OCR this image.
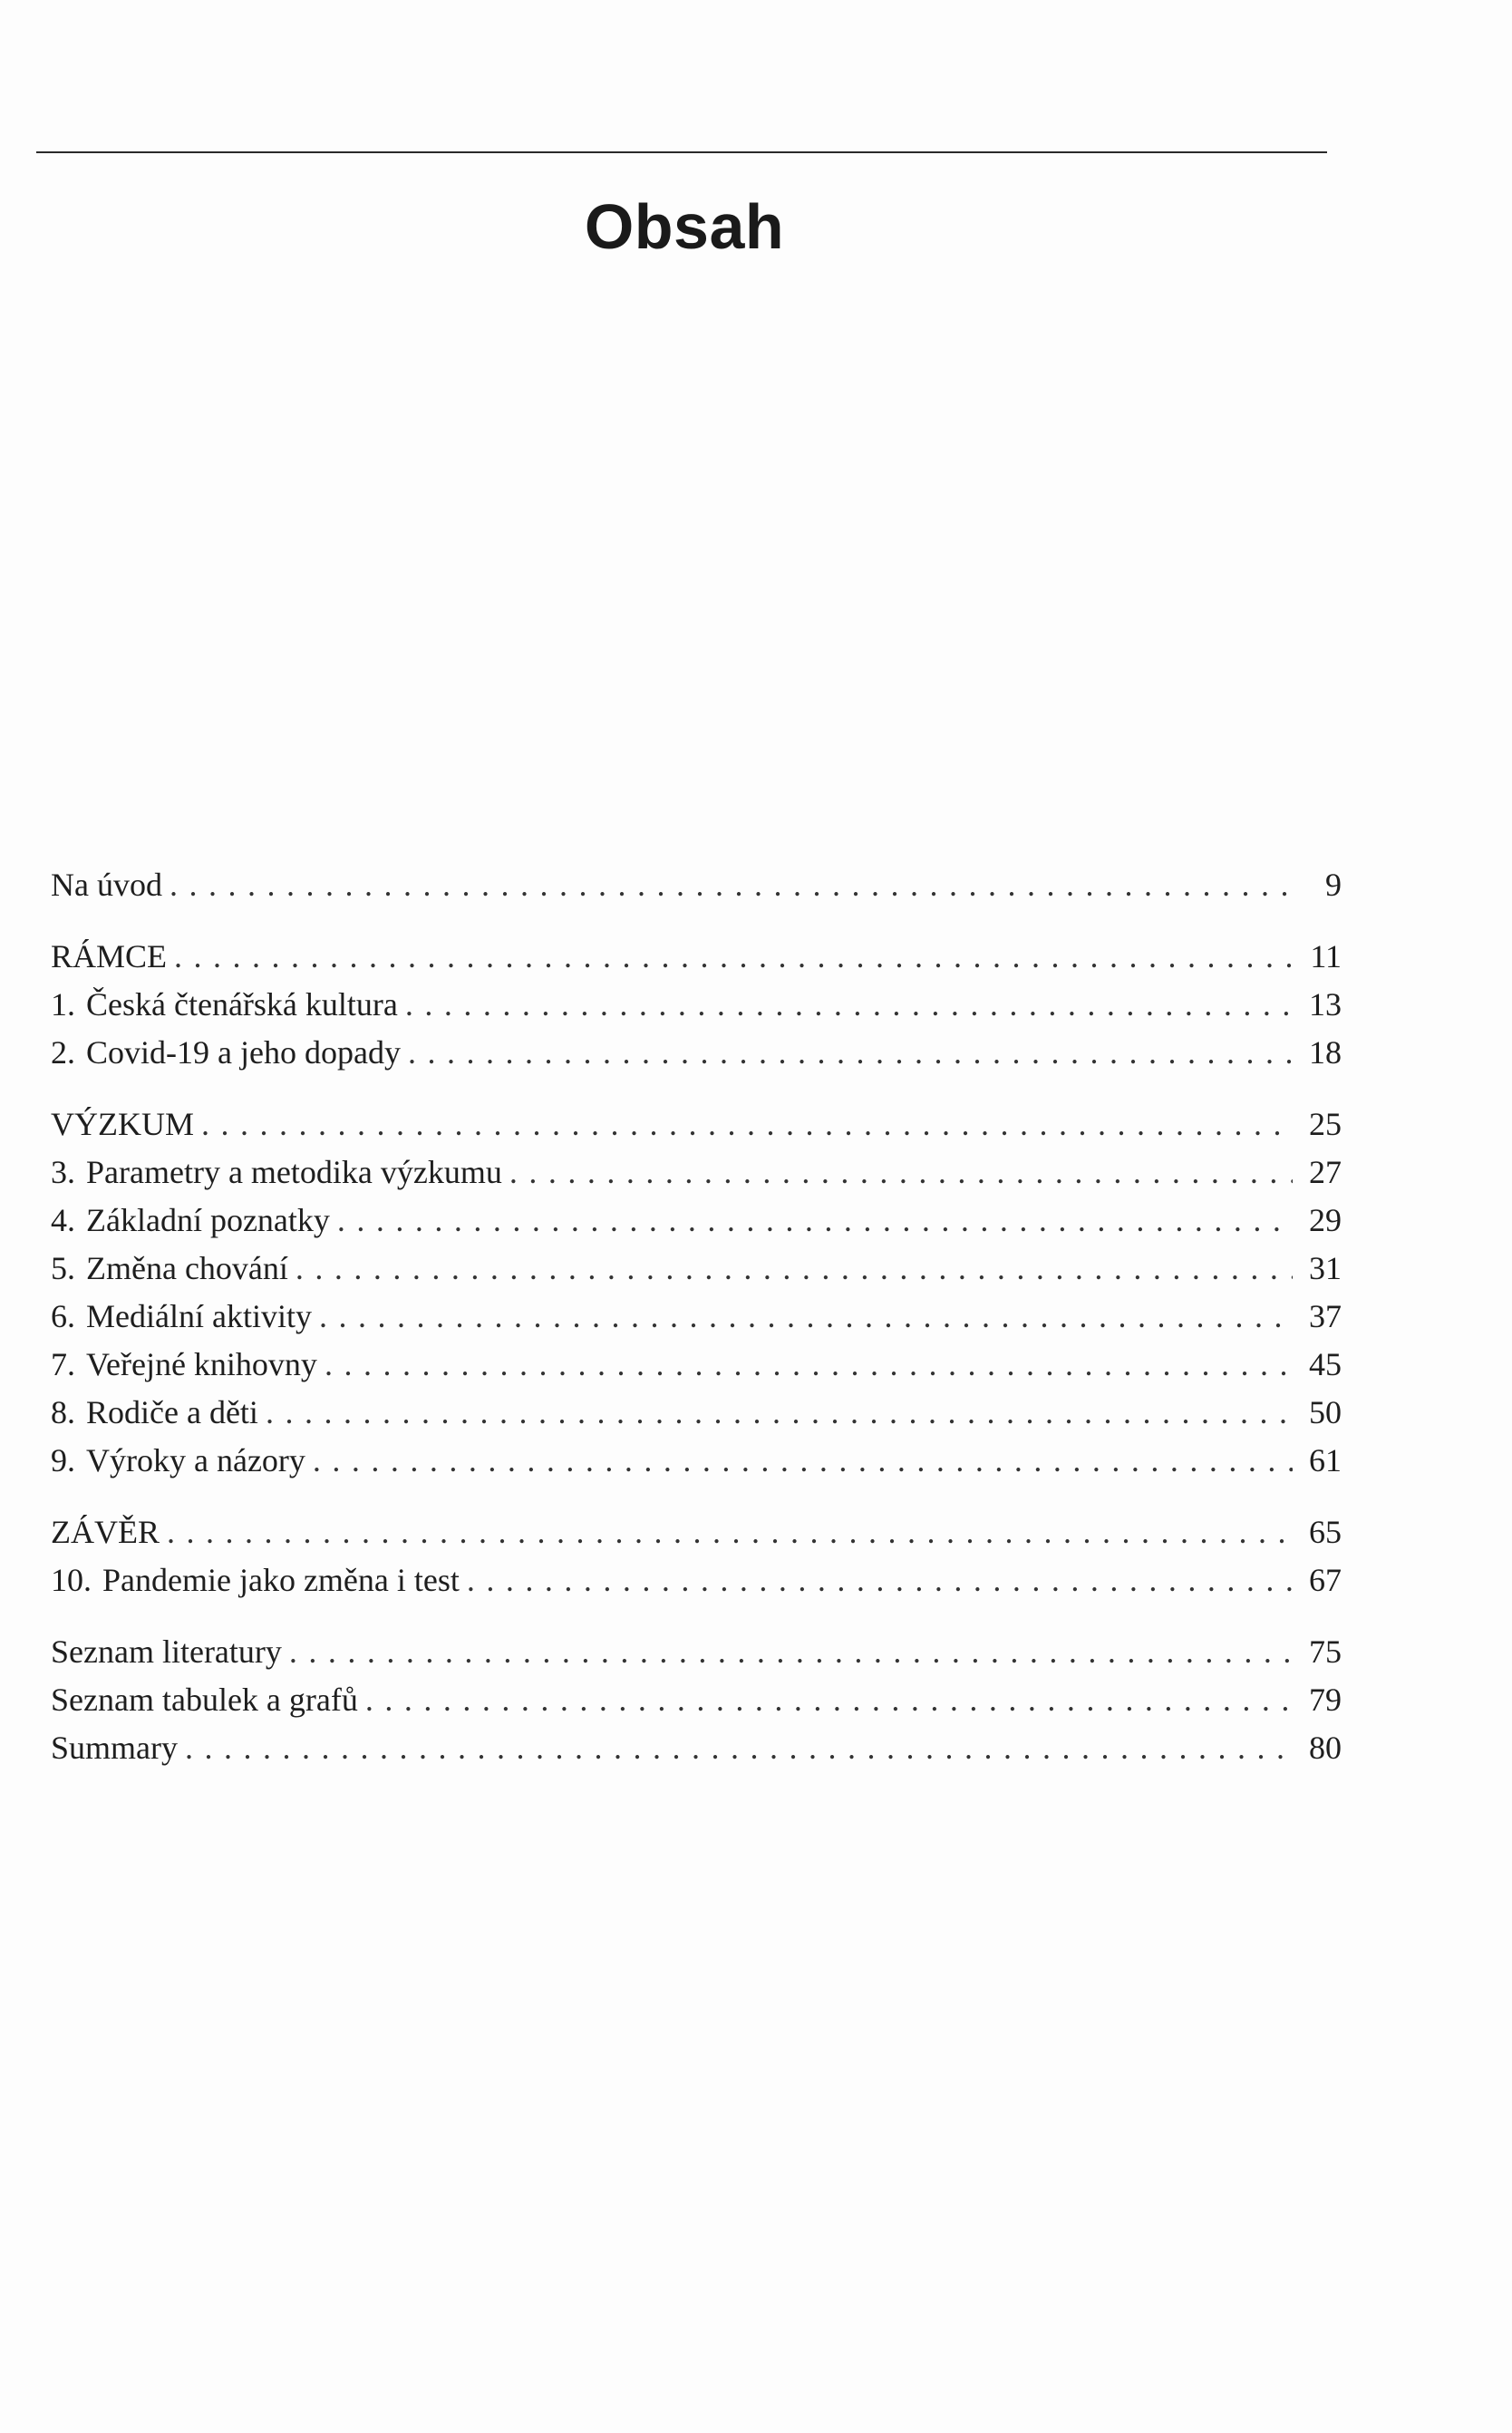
Obsah
Na úvod . . .	9
RÁMCE . . .	11
1. Česká čtenářská kultura . . .	13
2. Covid-19 a jeho dopady . . .	18
VÝZKUM . . .	25
3. Parametry a metodika výzkumu . . .	27
4. Základní poznatky . . .	29
5. Změna chování . . .	31
6. Mediální aktivity . . .	37
7. Veřejné knihovny . . .	45
8. Rodiče a děti . . .	50
9. Výroky a názory . . .	61
ZÁVĚR . . .	65
10. Pandemie jako změna i test . . .	67
Seznam literatury . . .	75
Seznam tabulek a grafů . . .	79
Summary . . .	80
